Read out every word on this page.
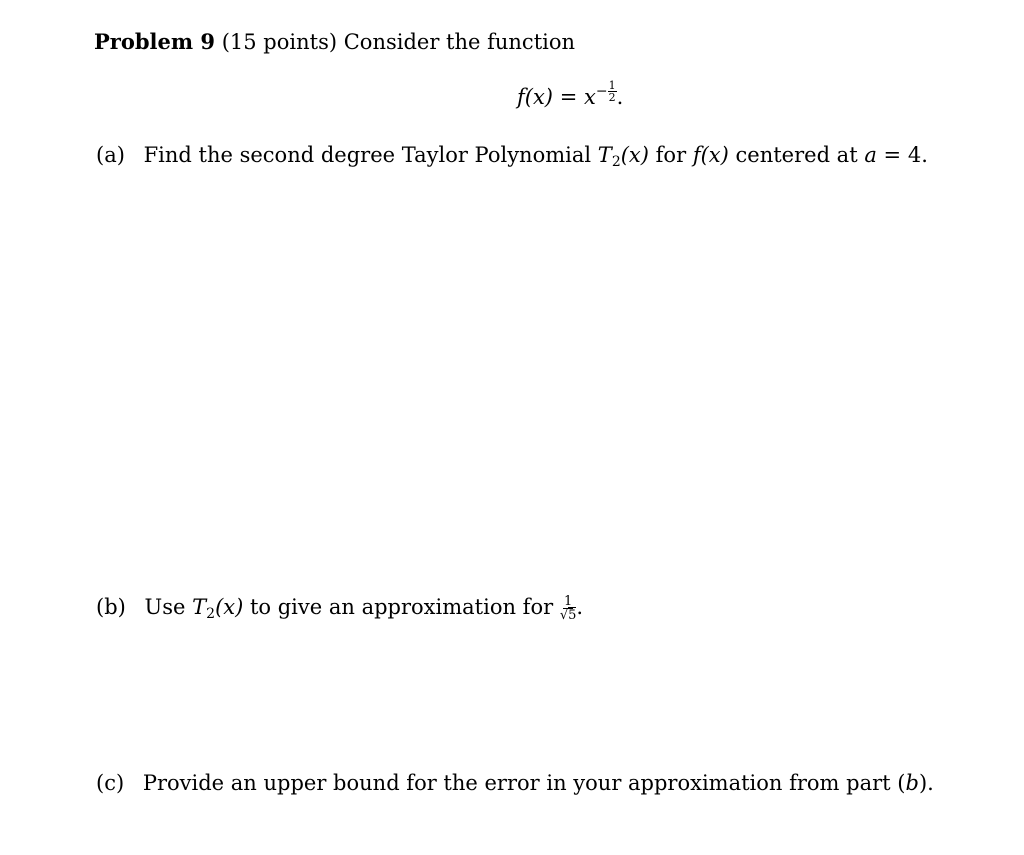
Problem 9 (15 points) Consider the function
$f(x) = x- \frac{1}{2}$ .
(a) Find the second degree Taylor Polynomial $T_2(x)$ for f(x) centered at a = 4.
(b) Use $T_2(x)$ to give an approximation for $\frac{1}{√5}$ .
(c) Provide an upper bound for the error in your approximation from part (b).
